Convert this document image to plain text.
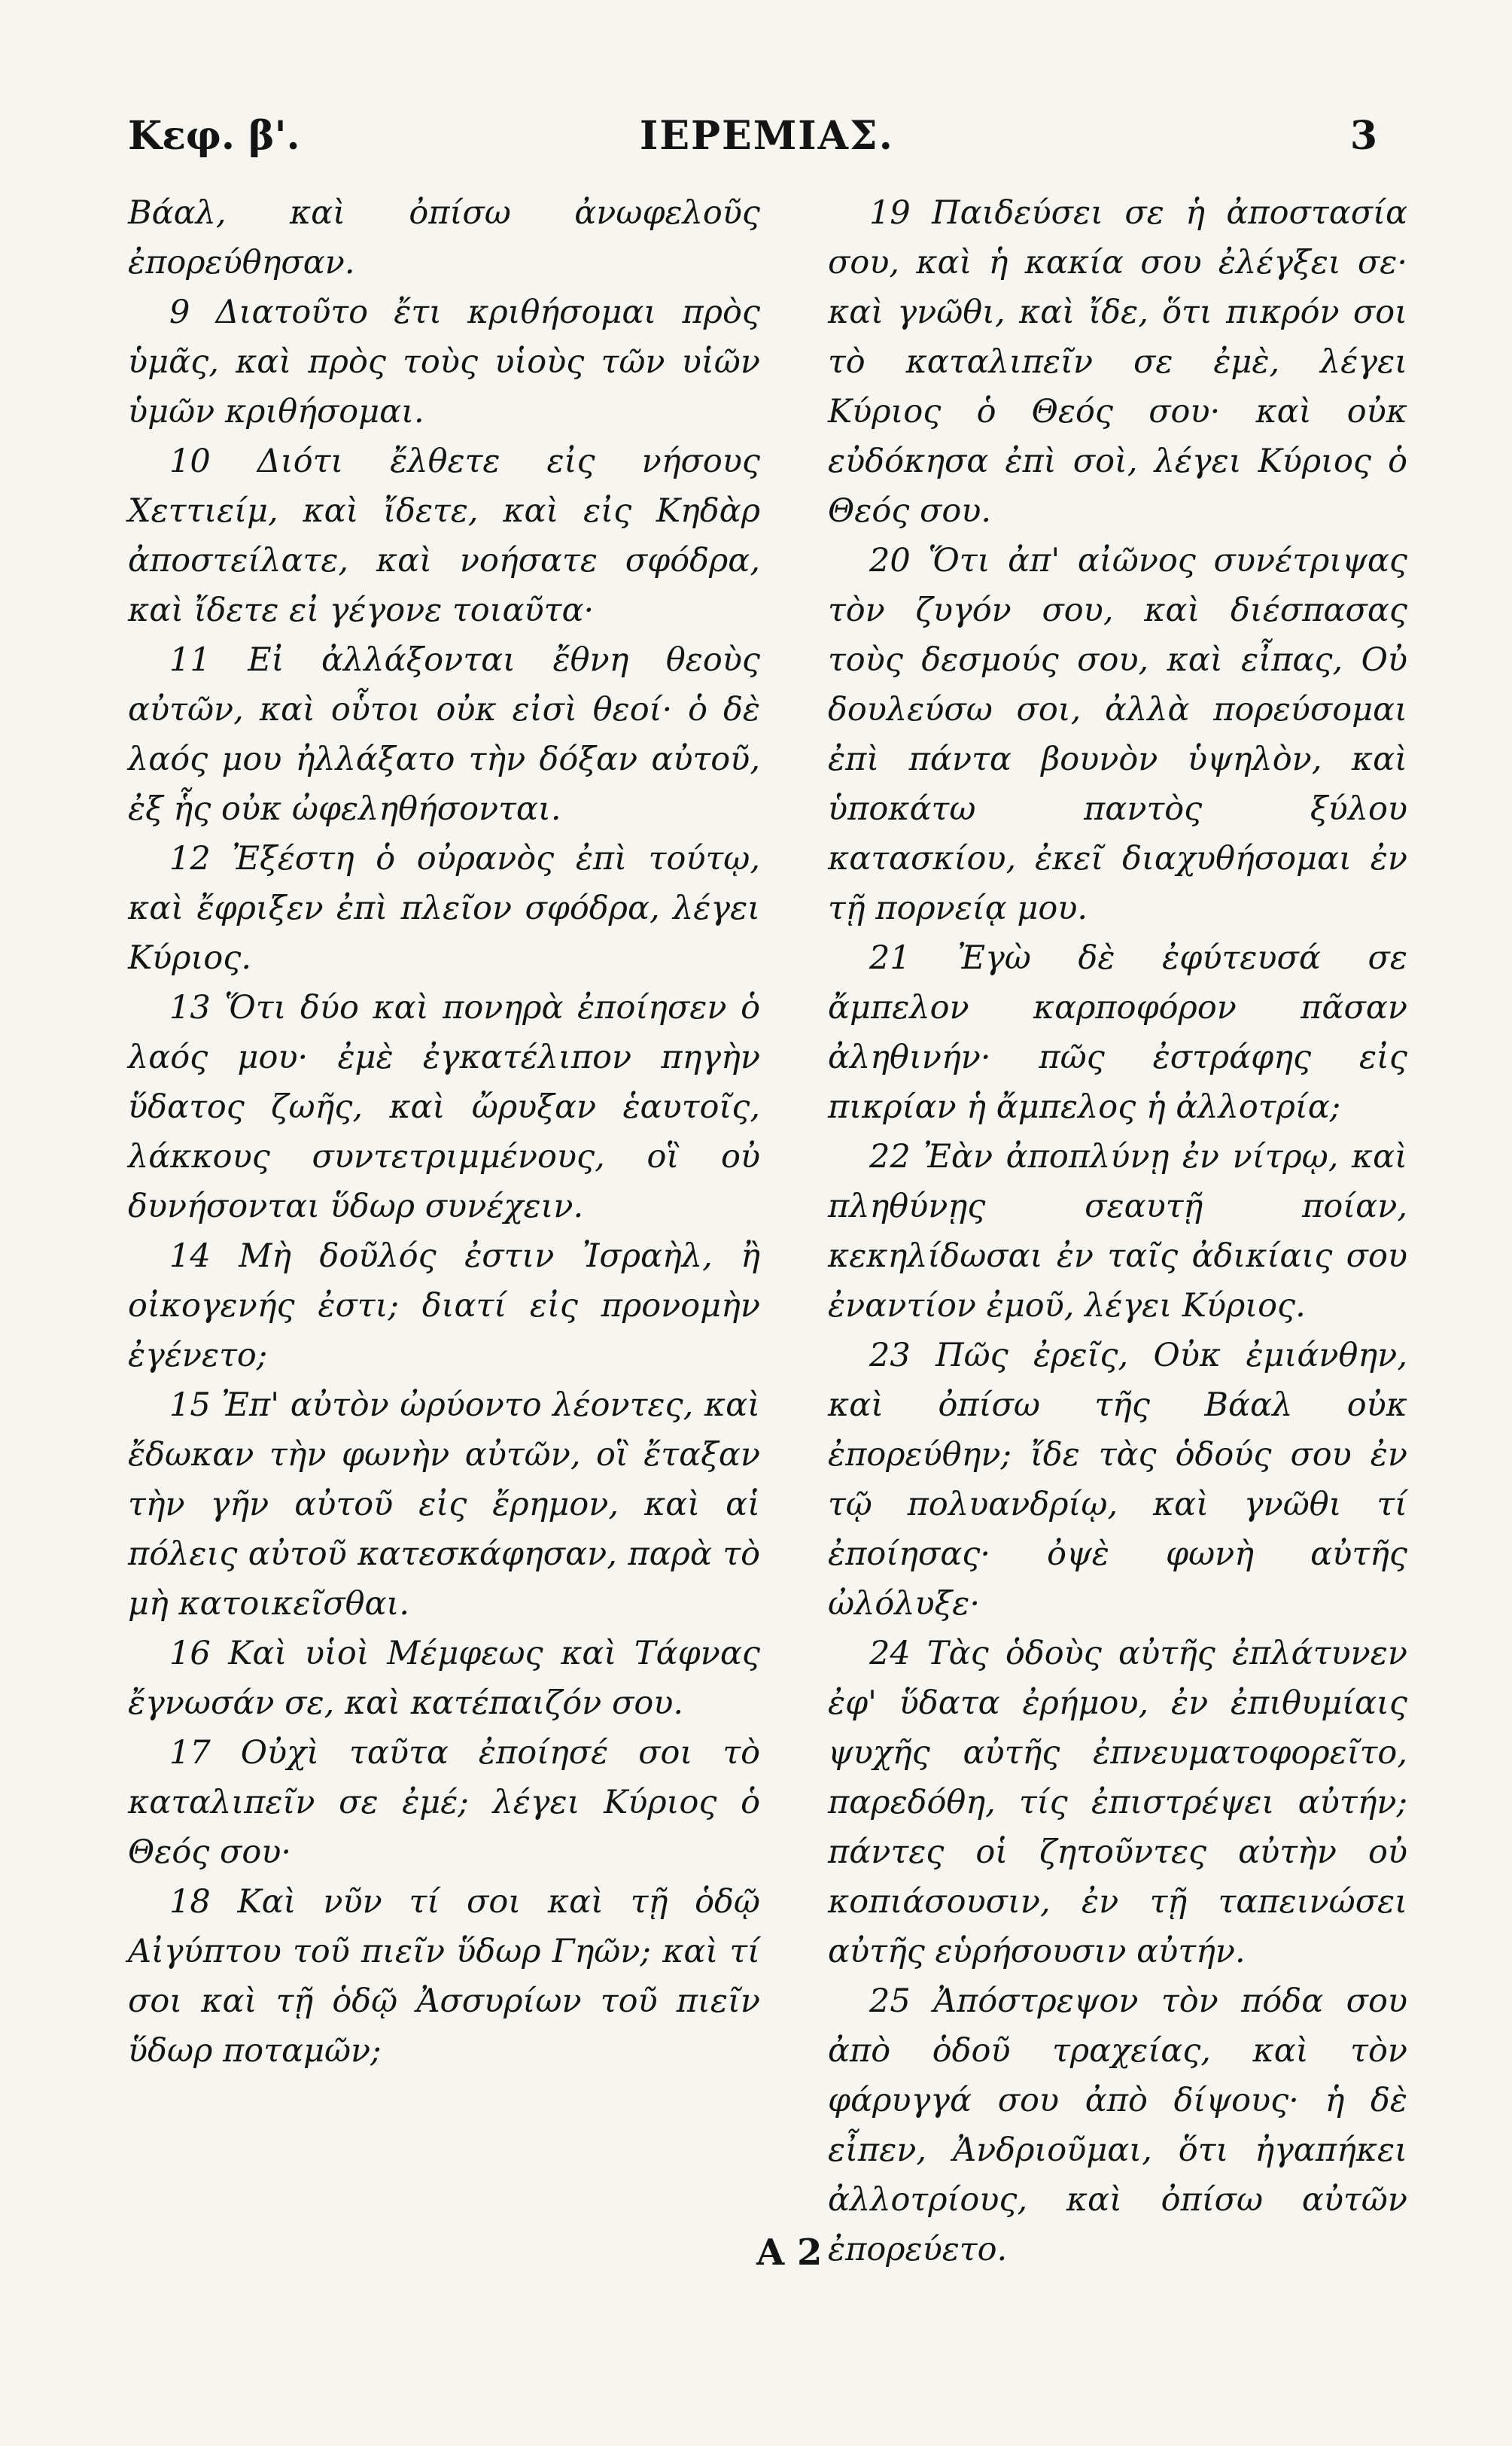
Κεφ. β'.	ΙΕΡΕΜΙΑΣ.	3

Βάαλ, καὶ ὀπίσω ἀνωφελοῦς ἐπορεύθησαν.

9 Διατοῦτο ἔτι κριθήσομαι πρὸς ὑμᾶς, καὶ πρὸς τοὺς υἱοὺς τῶν υἱῶν ὑμῶν κριθήσομαι.

10 Διότι ἔλθετε εἰς νήσους Χεττιείμ, καὶ ἴδετε, καὶ εἰς Κηδὰρ ἀποστείλατε, καὶ νοήσατε σφόδρα, καὶ ἴδετε εἰ γέγονε τοιαῦτα·

11 Εἰ ἀλλάξονται ἔθνη θεοὺς αὐτῶν, καὶ οὗτοι οὐκ εἰσὶ θεοί· ὁ δὲ λαός μου ἠλλάξατο τὴν δόξαν αὐτοῦ, ἐξ ἧς οὐκ ὠφεληθήσονται.

12 Ἐξέστη ὁ οὐρανὸς ἐπὶ τούτῳ, καὶ ἔφριξεν ἐπὶ πλεῖον σφόδρα, λέγει Κύριος.

13 Ὅτι δύο καὶ πονηρὰ ἐποίησεν ὁ λαός μου· ἐμὲ ἐγκατέλιπον πηγὴν ὕδατος ζωῆς, καὶ ὤρυξαν ἑαυτοῖς, λάκκους συντετριμμένους, οἳ οὐ δυνήσονται ὕδωρ συνέχειν.

14 Μὴ δοῦλός ἐστιν Ἰσραὴλ, ἢ οἰκογενής ἐστι; διατί εἰς προνομὴν ἐγένετο;

15 Ἐπ' αὐτὸν ὠρύοντο λέοντες, καὶ ἔδωκαν τὴν φωνὴν αὐτῶν, οἳ ἔταξαν τὴν γῆν αὐτοῦ εἰς ἔρημον, καὶ αἱ πόλεις αὐτοῦ κατεσκάφησαν, παρὰ τὸ μὴ κατοικεῖσθαι.

16 Καὶ υἱοὶ Μέμφεως καὶ Τάφνας ἔγνωσάν σε, καὶ κατέπαιζόν σου.

17 Οὐχὶ ταῦτα ἐποίησέ σοι τὸ καταλιπεῖν σε ἐμέ; λέγει Κύριος ὁ Θεός σου·

18 Καὶ νῦν τί σοι καὶ τῇ ὁδῷ Αἰγύπτου τοῦ πιεῖν ὕδωρ Γηῶν; καὶ τί σοι καὶ τῇ ὁδῷ Ἀσσυρίων τοῦ πιεῖν ὕδωρ ποταμῶν;

19 Παιδεύσει σε ἡ ἀποστασία σου, καὶ ἡ κακία σου ἐλέγξει σε· καὶ γνῶθι, καὶ ἴδε, ὅτι πικρόν σοι τὸ καταλιπεῖν σε ἐμὲ, λέγει Κύριος ὁ Θεός σου· καὶ οὐκ εὐδόκησα ἐπὶ σοὶ, λέγει Κύριος ὁ Θεός σου.

20 Ὅτι ἀπ' αἰῶνος συνέτριψας τὸν ζυγόν σου, καὶ διέσπασας τοὺς δεσμούς σου, καὶ εἶπας, Οὐ δουλεύσω σοι, ἀλλὰ πορεύσομαι ἐπὶ πάντα βουνὸν ὑψηλὸν, καὶ ὑποκάτω παντὸς ξύλου κατασκίου, ἐκεῖ διαχυθήσομαι ἐν τῇ πορνείᾳ μου.

21 Ἐγὼ δὲ ἐφύτευσά σε ἄμπελον καρποφόρον πᾶσαν ἀληθινήν· πῶς ἐστράφης εἰς πικρίαν ἡ ἄμπελος ἡ ἀλλοτρία;

22 Ἐὰν ἀποπλύνῃ ἐν νίτρῳ, καὶ πληθύνῃς σεαυτῇ ποίαν, κεκηλίδωσαι ἐν ταῖς ἀδικίαις σου ἐναντίον ἐμοῦ, λέγει Κύριος.

23 Πῶς ἐρεῖς, Οὐκ ἐμιάνθην, καὶ ὀπίσω τῆς Βάαλ οὐκ ἐπορεύθην; ἴδε τὰς ὁδούς σου ἐν τῷ πολυανδρίῳ, καὶ γνῶθι τί ἐποίησας· ὀψὲ φωνὴ αὐτῆς ὠλόλυξε·

24 Τὰς ὁδοὺς αὐτῆς ἐπλάτυνεν ἐφ' ὕδατα ἐρήμου, ἐν ἐπιθυμίαις ψυχῆς αὐτῆς ἐπνευματοφορεῖτο, παρεδόθη, τίς ἐπιστρέψει αὐτήν; πάντες οἱ ζητοῦντες αὐτὴν οὐ κοπιάσουσιν, ἐν τῇ ταπεινώσει αὐτῆς εὑρήσουσιν αὐτήν.

25 Ἀπόστρεψον τὸν πόδα σου ἀπὸ ὁδοῦ τραχείας, καὶ τὸν φάρυγγά σου ἀπὸ δίψους· ἡ δὲ εἶπεν, Ἀνδριοῦμαι, ὅτι ἠγαπήκει ἀλλοτρίους, καὶ ὀπίσω αὐτῶν ἐπορεύετο.

Α 2
